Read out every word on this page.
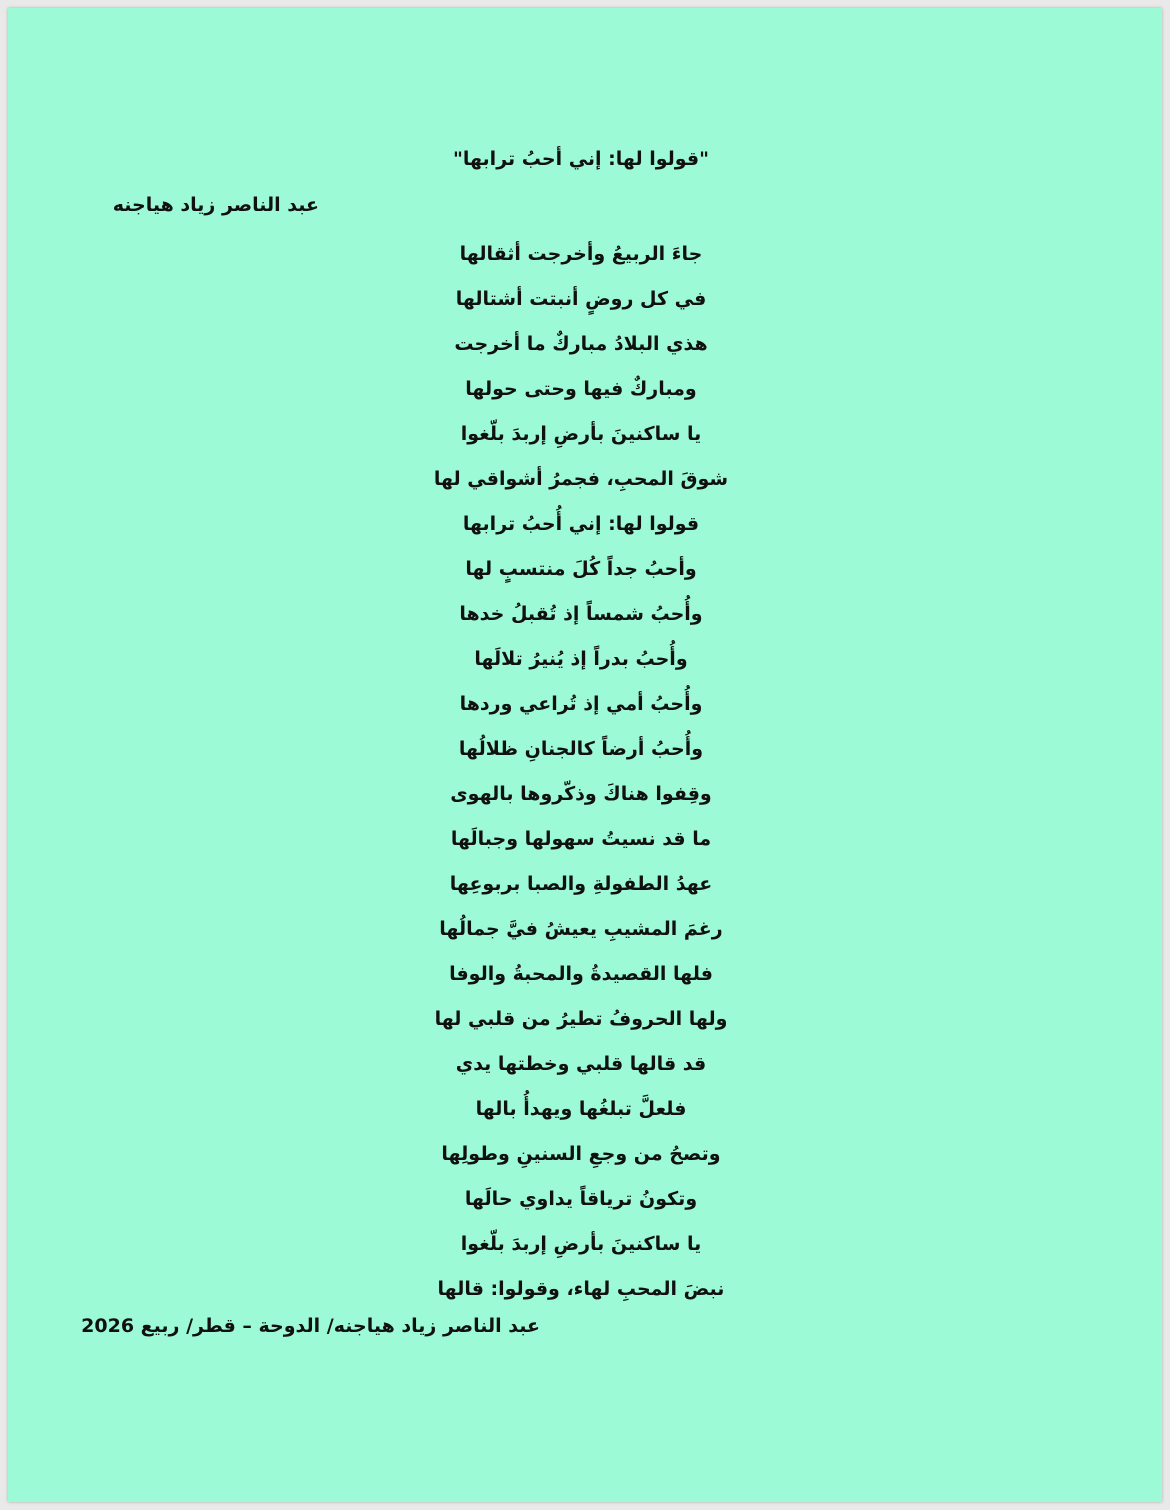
"قولوا لها: إني أحبُ ترابها"
عبد الناصر زياد هياجنه
جاءَ الربيعُ وأخرجت أثقالها
في كل روضٍ أنبتت أشتالها
هذي البلادُ مباركٌ ما أخرجت
ومباركٌ فيها وحتى حولها
يا ساكنينَ بأرضِ إربدَ بلّغوا
شوقَ المحبِ، فجمرُ أشواقي لها
قولوا لها: إني أُحبُ ترابها
وأحبُ جداً كُلَ منتسبٍ لها
وأُحبُ شمساً إذ تُقبلُ خدها
وأُحبُ بدراً إذ يُنيرُ تلالَها
وأُحبُ أمي إذ تُراعي وردها
وأُحبُ أرضاً كالجنانِ ظلالُها
وقِفوا هناكَ وذكّروها بالهوى
ما قد نسيتُ سهولها وجبالَها
عهدُ الطفولةِ والصبا بربوعِها
رغمَ المشيبِ يعيشُ فيَّ جمالُها
فلها القصيدةُ والمحبةُ والوفا
ولها الحروفُ تطيرُ من قلبي لها
قد قالها قلبي وخطتها يدي
فلعلَّ تبلغُها ويهدأُ بالها
وتصحُ من وجعِ السنينِ وطولِها
وتكونُ ترياقاً يداوي حالَها
يا ساكنينَ بأرضِ إربدَ بلّغوا
نبضَ المحبِ لهاء، وقولوا: قالها
عبد الناصر زياد هياجنه/ الدوحة – قطر/ ربيع 2026
